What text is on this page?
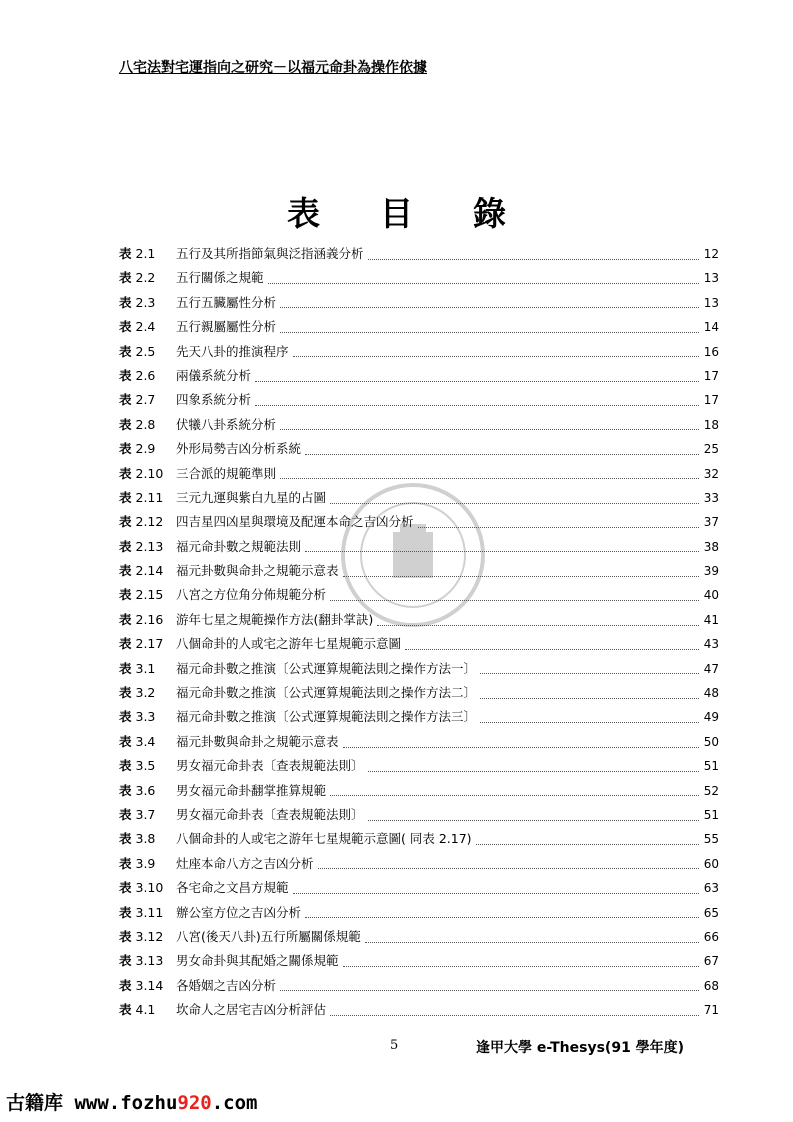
八宅法對宅運指向之研究－以福元命卦為操作依據
表 目 錄
表 2.1	五行及其所指節氣與泛指涵義分析	12
表 2.2	五行關係之規範	13
表 2.3	五行五臟屬性分析	13
表 2.4	五行親屬屬性分析	14
表 2.5	先天八卦的推演程序	16
表 2.6	兩儀系統分析	17
表 2.7	四象系統分析	17
表 2.8	伏犧八卦系統分析	18
表 2.9	外形局勢吉凶分析系統	25
表 2.10	三合派的規範準則	32
表 2.11	三元九運與紫白九星的占圖	33
表 2.12	四吉星四凶星與環境及配運本命之吉凶分析	37
表 2.13	福元命卦數之規範法則	38
表 2.14	福元卦數與命卦之規範示意表	39
表 2.15	八宮之方位角分佈規範分析	40
表 2.16	游年七星之規範操作方法(翻卦掌訣)	41
表 2.17	八個命卦的人或宅之游年七星規範示意圖	43
表 3.1	福元命卦數之推演〔公式運算規範法則之操作方法一〕	47
表 3.2	福元命卦數之推演〔公式運算規範法則之操作方法二〕	48
表 3.3	福元命卦數之推演〔公式運算規範法則之操作方法三〕	49
表 3.4	福元卦數與命卦之規範示意表	50
表 3.5	男女福元命卦表〔查表規範法則〕	51
表 3.6	男女福元命卦翻掌推算規範	52
表 3.7	男女福元命卦表〔查表規範法則〕	51
表 3.8	八個命卦的人或宅之游年七星規範示意圖( 同表 2.17)	55
表 3.9	灶座本命八方之吉凶分析	60
表 3.10	各宅命之文昌方規範	63
表 3.11	辦公室方位之吉凶分析	65
表 3.12	八宮(後天八卦)五行所屬關係規範	66
表 3.13	男女命卦與其配婚之關係規範	67
表 3.14	各婚姻之吉凶分析	68
表 4.1	坎命人之居宅吉凶分析評估	71
5	逢甲大學 e-Thesys(91 學年度)
古籍库 www.fozhu920.com
